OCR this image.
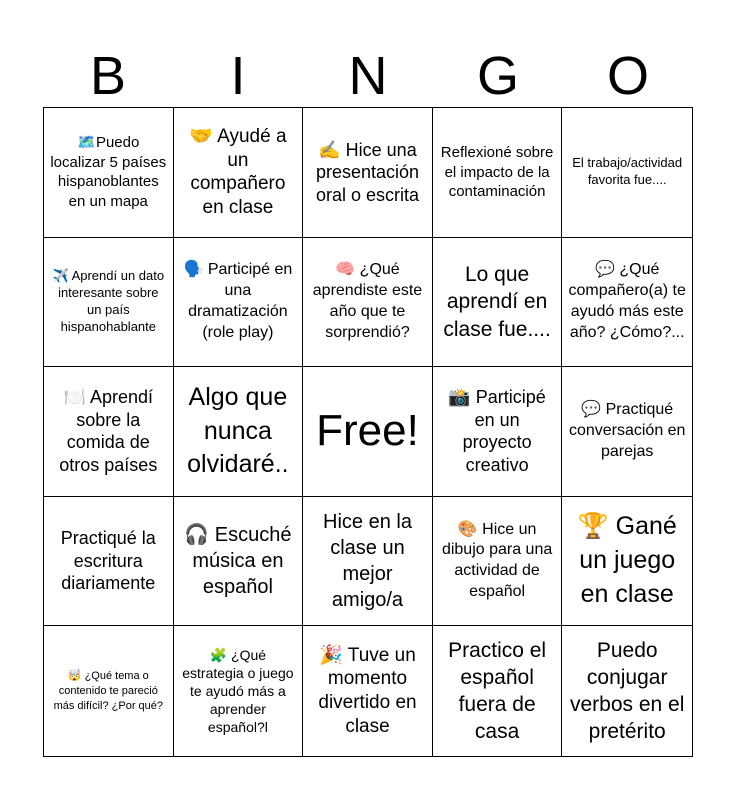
B	I	N	G	O
🗺️Puedo localizar 5 países hispanoblantes en un mapa
🤝 Ayudé a un compañero en clase
✍️ Hice una presentación oral o escrita
Reflexioné sobre el impacto de la contaminación
El trabajo/actividad favorita fue....
✈️ Aprendí un dato interesante sobre un país hispanohablante
🗣️ Participé en una dramatización (role play)
🧠 ¿Qué aprendiste este año que te sorprendió?
Lo que aprendí en clase fue....
💬 ¿Qué compañero(a) te ayudó más este año? ¿Cómo?...
🍽️ Aprendí sobre la comida de otros países
Algo que nunca olvidaré..
Free!
📸 Participé en un proyecto creativo
💬 Practiqué conversación en parejas
Practiqué la escritura diariamente
🎧 Escuché música en español
Hice en la clase un mejor amigo/a
🎨 Hice un dibujo para una actividad de español
🏆 Gané un juego en clase
🤯 ¿Qué tema o contenido te pareció más difícil? ¿Por qué?
🧩 ¿Qué estrategia o juego te ayudó más a aprender español?l
🎉 Tuve un momento divertido en clase
Practico el español fuera de casa
Puedo conjugar verbos en el pretérito
